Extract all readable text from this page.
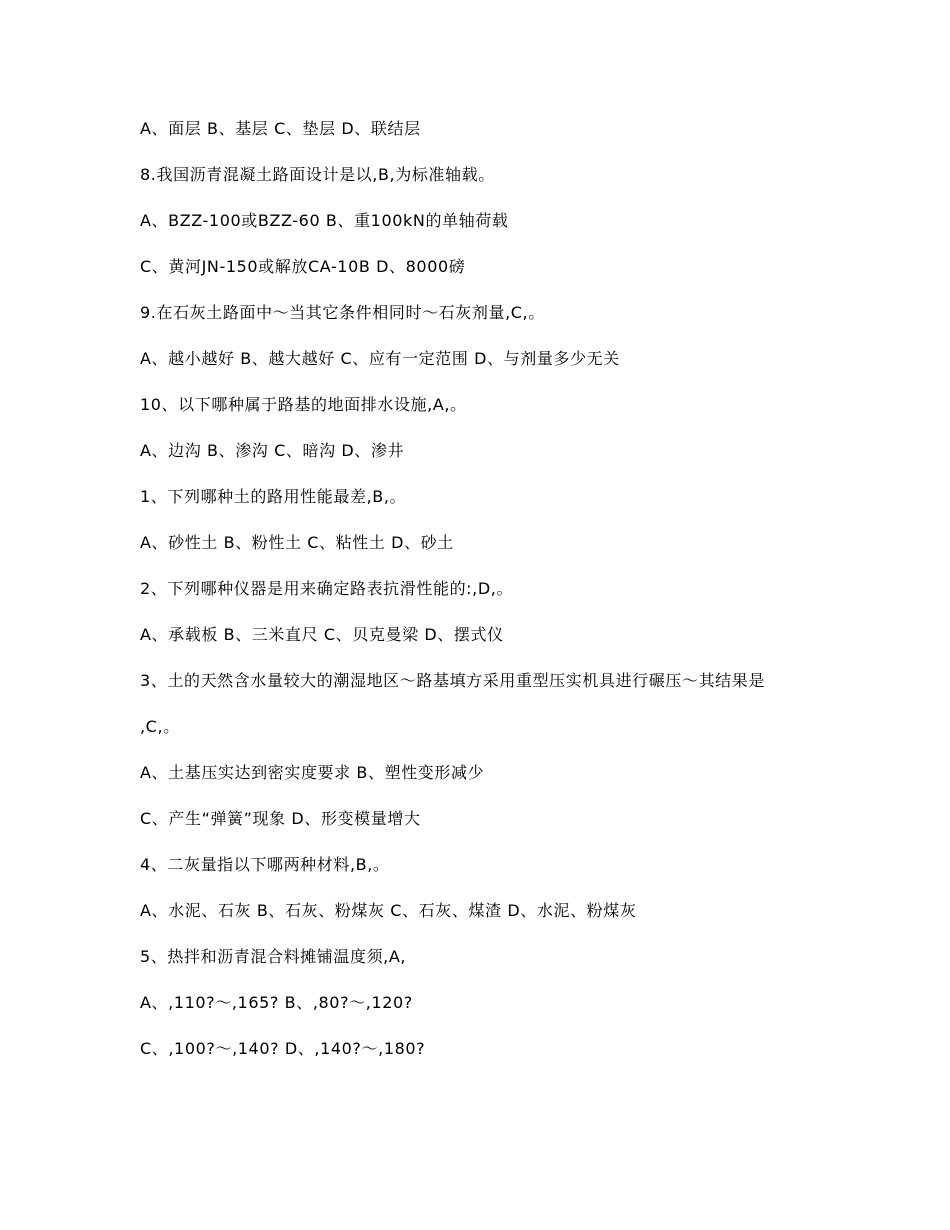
A、面层 B、基层 C、垫层 D、联结层
8.我国沥青混凝土路面设计是以,B,为标准轴载。
A、BZZ-100或BZZ-60 B、重100kN的单轴荷载
C、黄河JN-150或解放CA-10B D、8000磅
9.在石灰土路面中～当其它条件相同时～石灰剂量,C,。
A、越小越好 B、越大越好 C、应有一定范围 D、与剂量多少无关
10、以下哪种属于路基的地面排水设施,A,。
A、边沟 B、渗沟 C、暗沟 D、渗井
1、下列哪种土的路用性能最差,B,。
A、砂性土 B、粉性土 C、粘性土 D、砂土
2、下列哪种仪器是用来确定路表抗滑性能的:,D,。
A、承载板 B、三米直尺 C、贝克曼梁 D、摆式仪
3、土的天然含水量较大的潮湿地区～路基填方采用重型压实机具进行碾压～其结果是
,C,。
A、土基压实达到密实度要求 B、塑性变形减少
C、产生“弹簧”现象 D、形变模量增大
4、二灰量指以下哪两种材料,B,。
A、水泥、石灰 B、石灰、粉煤灰 C、石灰、煤渣 D、水泥、粉煤灰
5、热拌和沥青混合料摊铺温度须,A,
A、,110?～,165? B、,80?～,120?
C、,100?～,140? D、,140?～,180?
